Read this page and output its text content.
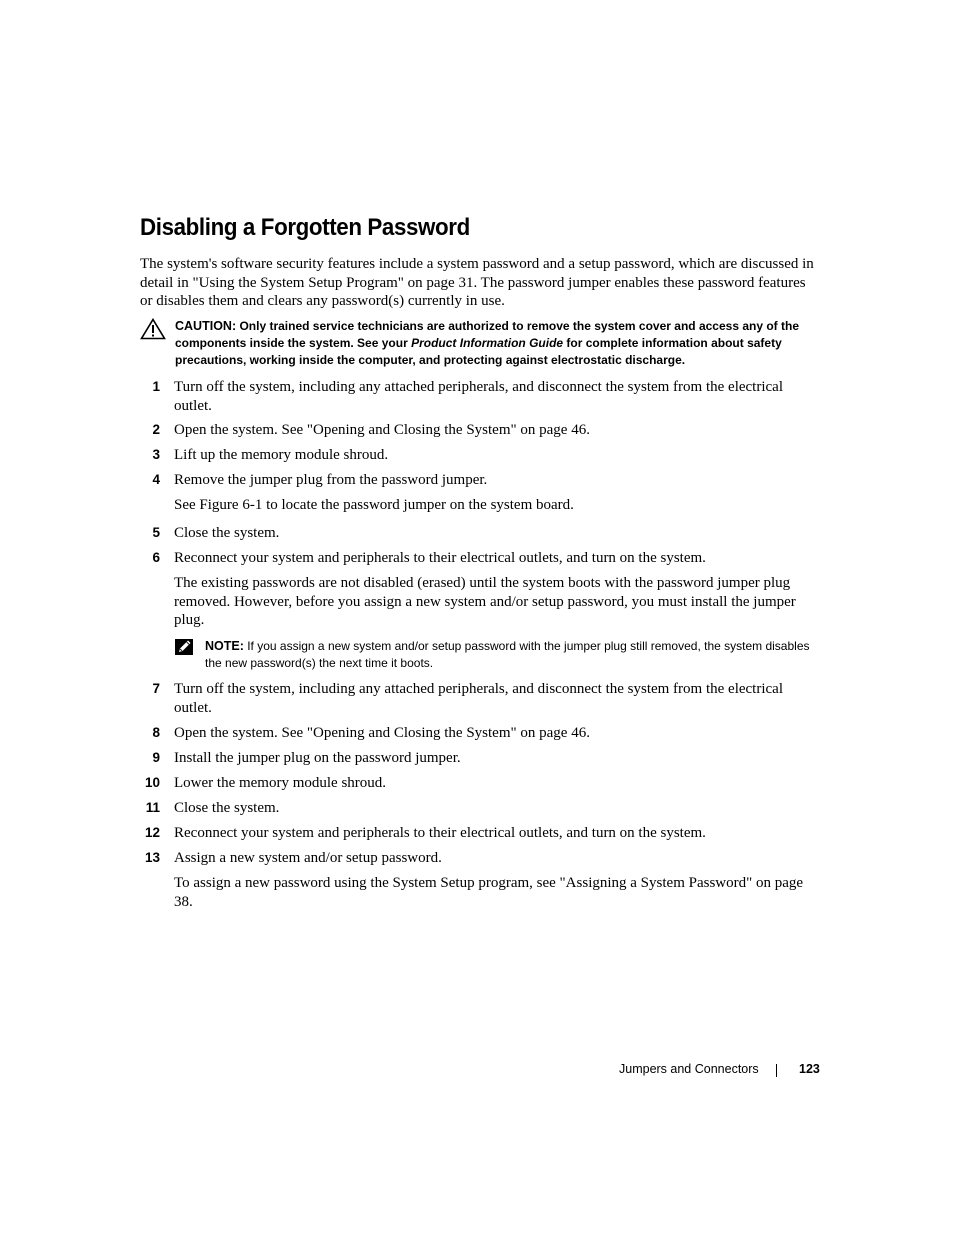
Disabling a Forgotten Password

The system's software security features include a system password and a setup password, which are discussed in detail in "Using the System Setup Program" on page 31. The password jumper enables these password features or disables them and clears any password(s) currently in use.

CAUTION: Only trained service technicians are authorized to remove the system cover and access any of the components inside the system. See your Product Information Guide for complete information about safety precautions, working inside the computer, and protecting against electrostatic discharge.
1 Turn off the system, including any attached peripherals, and disconnect the system from the electrical outlet.

2 Open the system. See "Opening and Closing the System" on page 46.

3 Lift up the memory module shroud.

4 Remove the jumper plug from the password jumper.

See Figure 6-1 to locate the password jumper on the system board.

5 Close the system.

6 Reconnect your system and peripherals to their electrical outlets, and turn on the system.

The existing passwords are not disabled (erased) until the system boots with the password jumper plug removed. However, before you assign a new system and/or setup password, you must install the jumper plug.

NOTE: If you assign a new system and/or setup password with the jumper plug still removed, the system disables the new password(s) the next time it boots.
7 Turn off the system, including any attached peripherals, and disconnect the system from the electrical outlet.

8 Open the system. See "Opening and Closing the System" on page 46.

9 Install the jumper plug on the password jumper.

10 Lower the memory module shroud.

11 Close the system.

12 Reconnect your system and peripherals to their electrical outlets, and turn on the system.

13 Assign a new system and/or setup password.

To assign a new password using the System Setup program, see "Assigning a System Password" on page 38.

Jumpers and Connectors	123
